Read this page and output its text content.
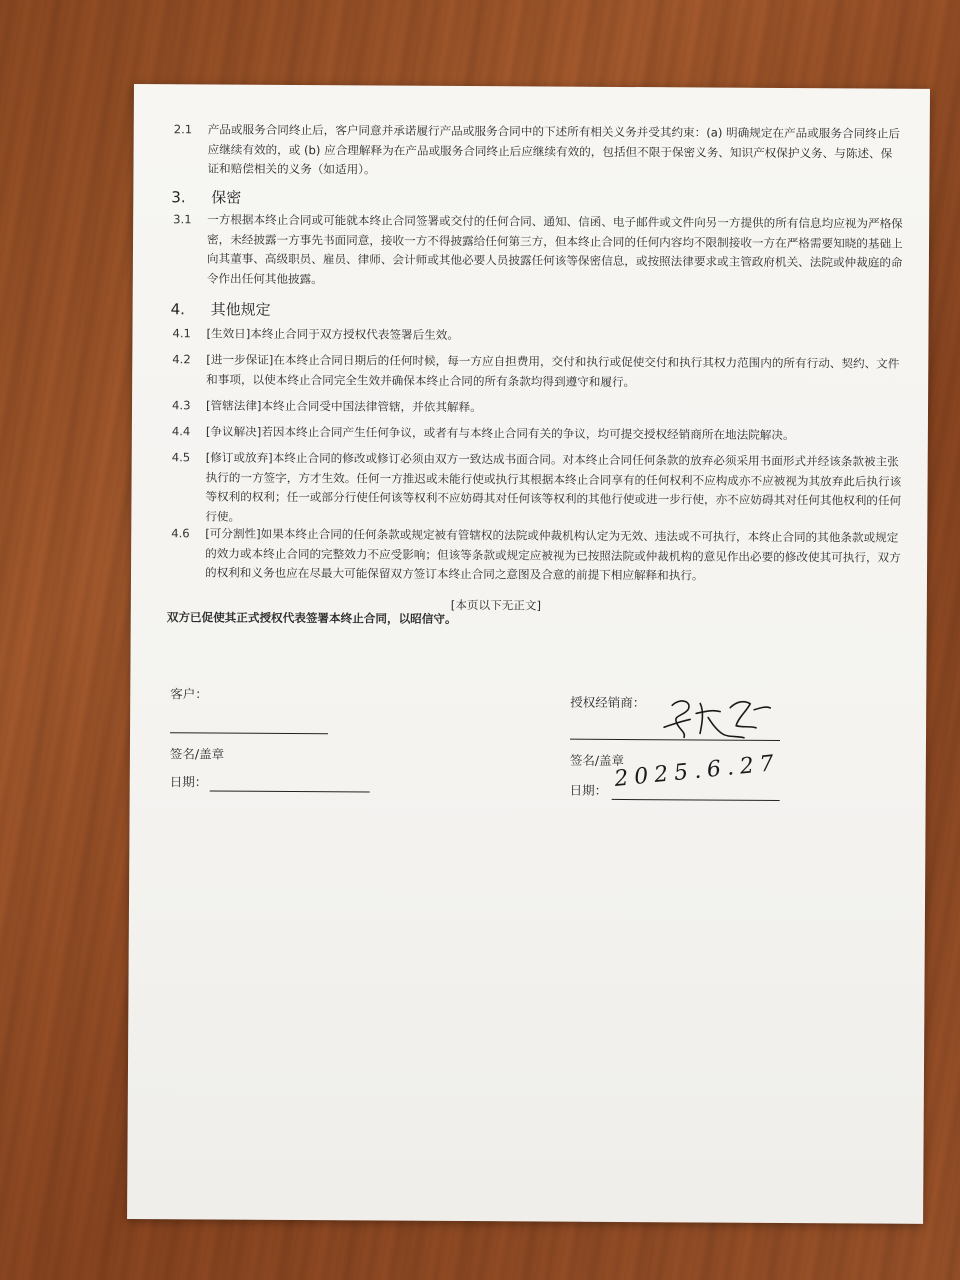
2.1	产品或服务合同终止后，客户同意并承诺履行产品或服务合同中的下述所有相关义务并受其约束：(a) 明确规定在产品或服务合同终止后应继续有效的，或 (b) 应合理解释为在产品或服务合同终止后应继续有效的，包括但不限于保密义务、知识产权保护义务、与陈述、保证和赔偿相关的义务（如适用）。
3. 保密
3.1	一方根据本终止合同或可能就本终止合同签署或交付的任何合同、通知、信函、电子邮件或文件向另一方提供的所有信息均应视为严格保密，未经披露一方事先书面同意，接收一方不得披露给任何第三方，但本终止合同的任何内容均不限制接收一方在严格需要知晓的基础上向其董事、高级职员、雇员、律师、会计师或其他必要人员披露任何该等保密信息，或按照法律要求或主管政府机关、法院或仲裁庭的命令作出任何其他披露。
4. 其他规定
4.1	[生效日]本终止合同于双方授权代表签署后生效。
4.2	[进一步保证]在本终止合同日期后的任何时候，每一方应自担费用，交付和执行或促使交付和执行其权力范围内的所有行动、契约、文件和事项，以使本终止合同完全生效并确保本终止合同的所有条款均得到遵守和履行。
4.3	[管辖法律]本终止合同受中国法律管辖，并依其解释。
4.4	[争议解决]若因本终止合同产生任何争议，或者有与本终止合同有关的争议，均可提交授权经销商所在地法院解决。
4.5	[修订或放弃]本终止合同的修改或修订必须由双方一致达成书面合同。对本终止合同任何条款的放弃必须采用书面形式并经该条款被主张执行的一方签字，方才生效。任何一方推迟或未能行使或执行其根据本终止合同享有的任何权利不应构成亦不应被视为其放弃此后执行该等权利的权利；任一或部分行使任何该等权利不应妨碍其对任何该等权利的其他行使或进一步行使，亦不应妨碍其对任何其他权利的任何行使。
4.6	[可分割性]如果本终止合同的任何条款或规定被有管辖权的法院或仲裁机构认定为无效、违法或不可执行，本终止合同的其他条款或规定的效力或本终止合同的完整效力不应受影响；但该等条款或规定应被视为已按照法院或仲裁机构的意见作出必要的修改使其可执行，双方的权利和义务也应在尽最大可能保留双方签订本终止合同之意图及合意的前提下相应解释和执行。
[本页以下无正文]
双方已促使其正式授权代表签署本终止合同，以昭信守。
客户：
签名/盖章
日期：
授权经销商：
签名/盖章
日期： 2025.6.27
